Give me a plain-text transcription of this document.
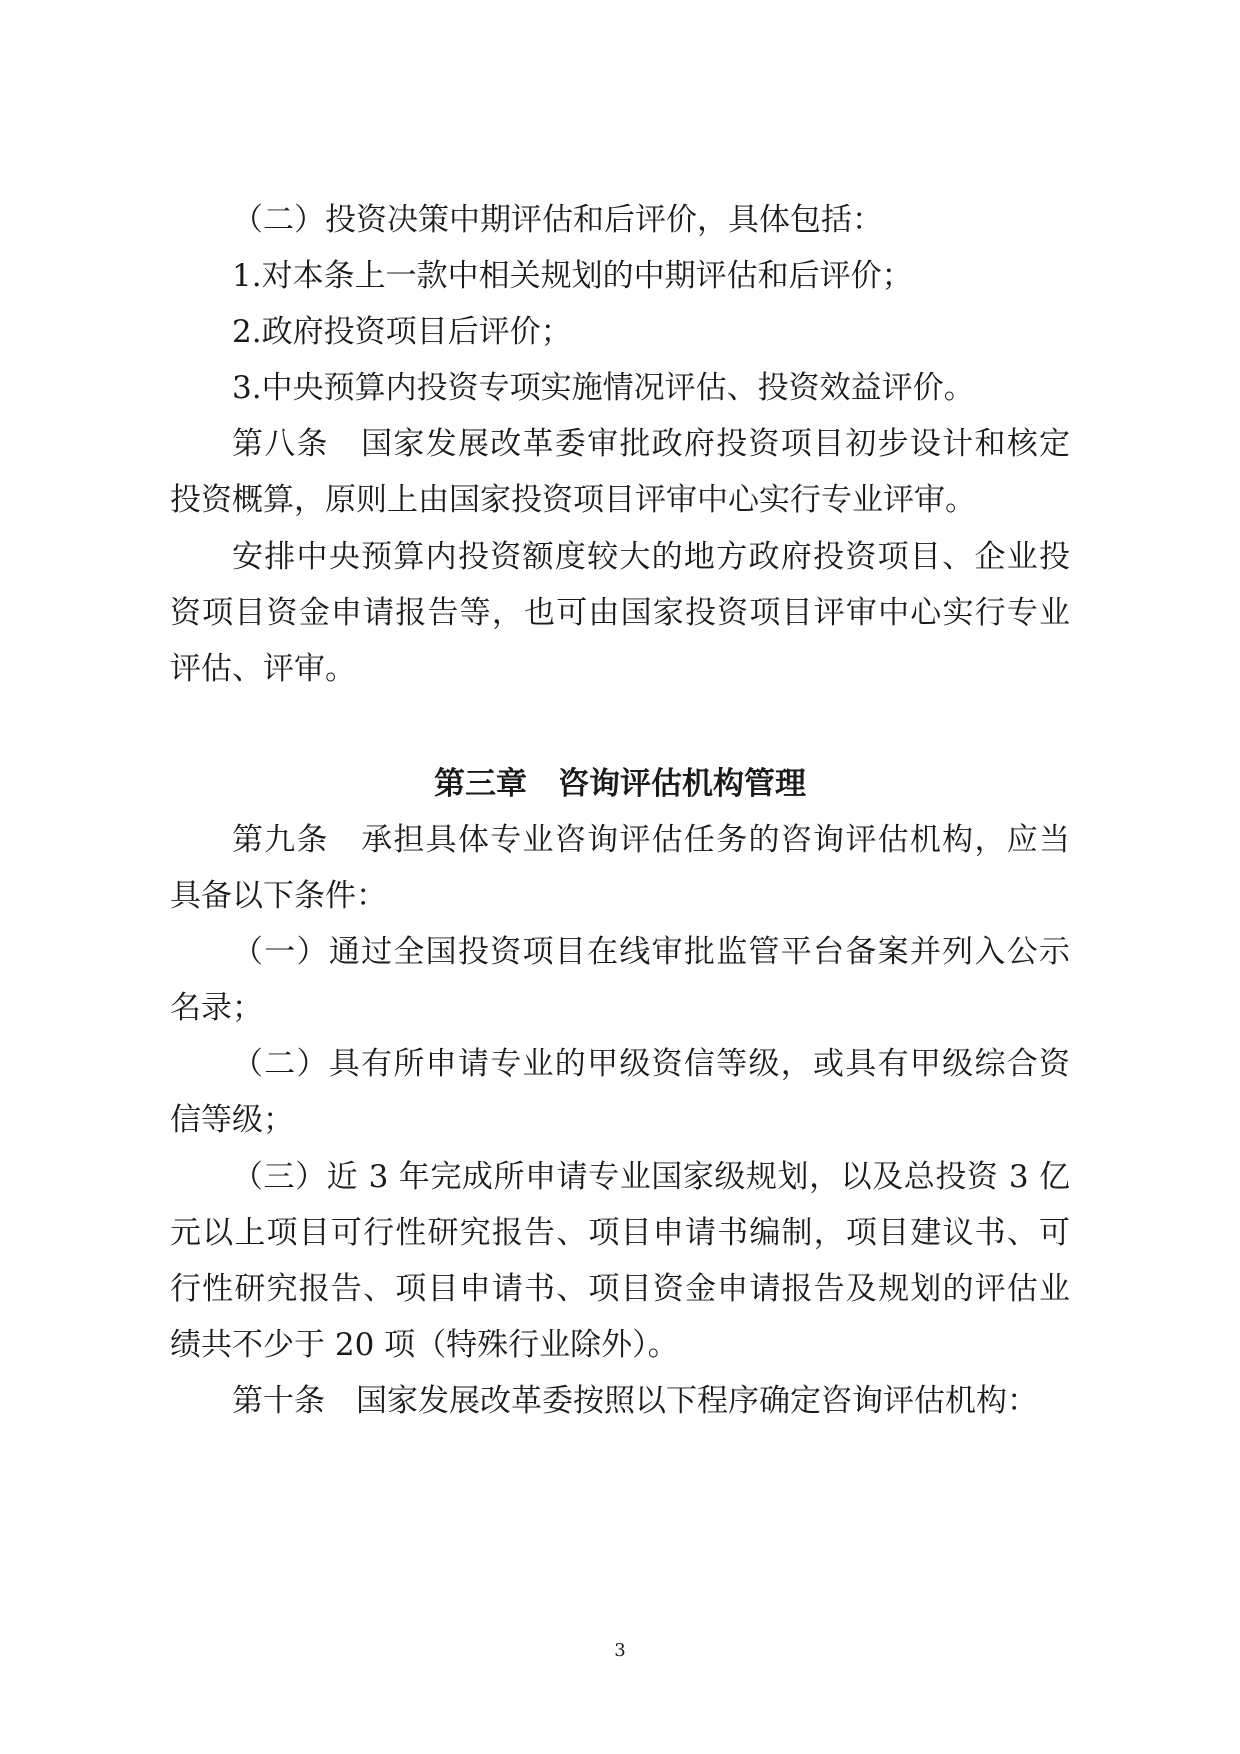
（二）投资决策中期评估和后评价，具体包括：

1.对本条上一款中相关规划的中期评估和后评价；

2.政府投资项目后评价；

3.中央预算内投资专项实施情况评估、投资效益评价。

第八条　国家发展改革委审批政府投资项目初步设计和核定

投资概算，原则上由国家投资项目评审中心实行专业评审。

安排中央预算内投资额度较大的地方政府投资项目、企业投

资项目资金申请报告等，也可由国家投资项目评审中心实行专业

评估、评审。

第三章　咨询评估机构管理

第九条　承担具体专业咨询评估任务的咨询评估机构，应当

具备以下条件：

（一）通过全国投资项目在线审批监管平台备案并列入公示

名录；

（二）具有所申请专业的甲级资信等级，或具有甲级综合资

信等级；

（三）近 3 年完成所申请专业国家级规划，以及总投资 3 亿

元以上项目可行性研究报告、项目申请书编制，项目建议书、可

行性研究报告、项目申请书、项目资金申请报告及规划的评估业

绩共不少于 20 项（特殊行业除外）。

第十条　国家发展改革委按照以下程序确定咨询评估机构：

3
